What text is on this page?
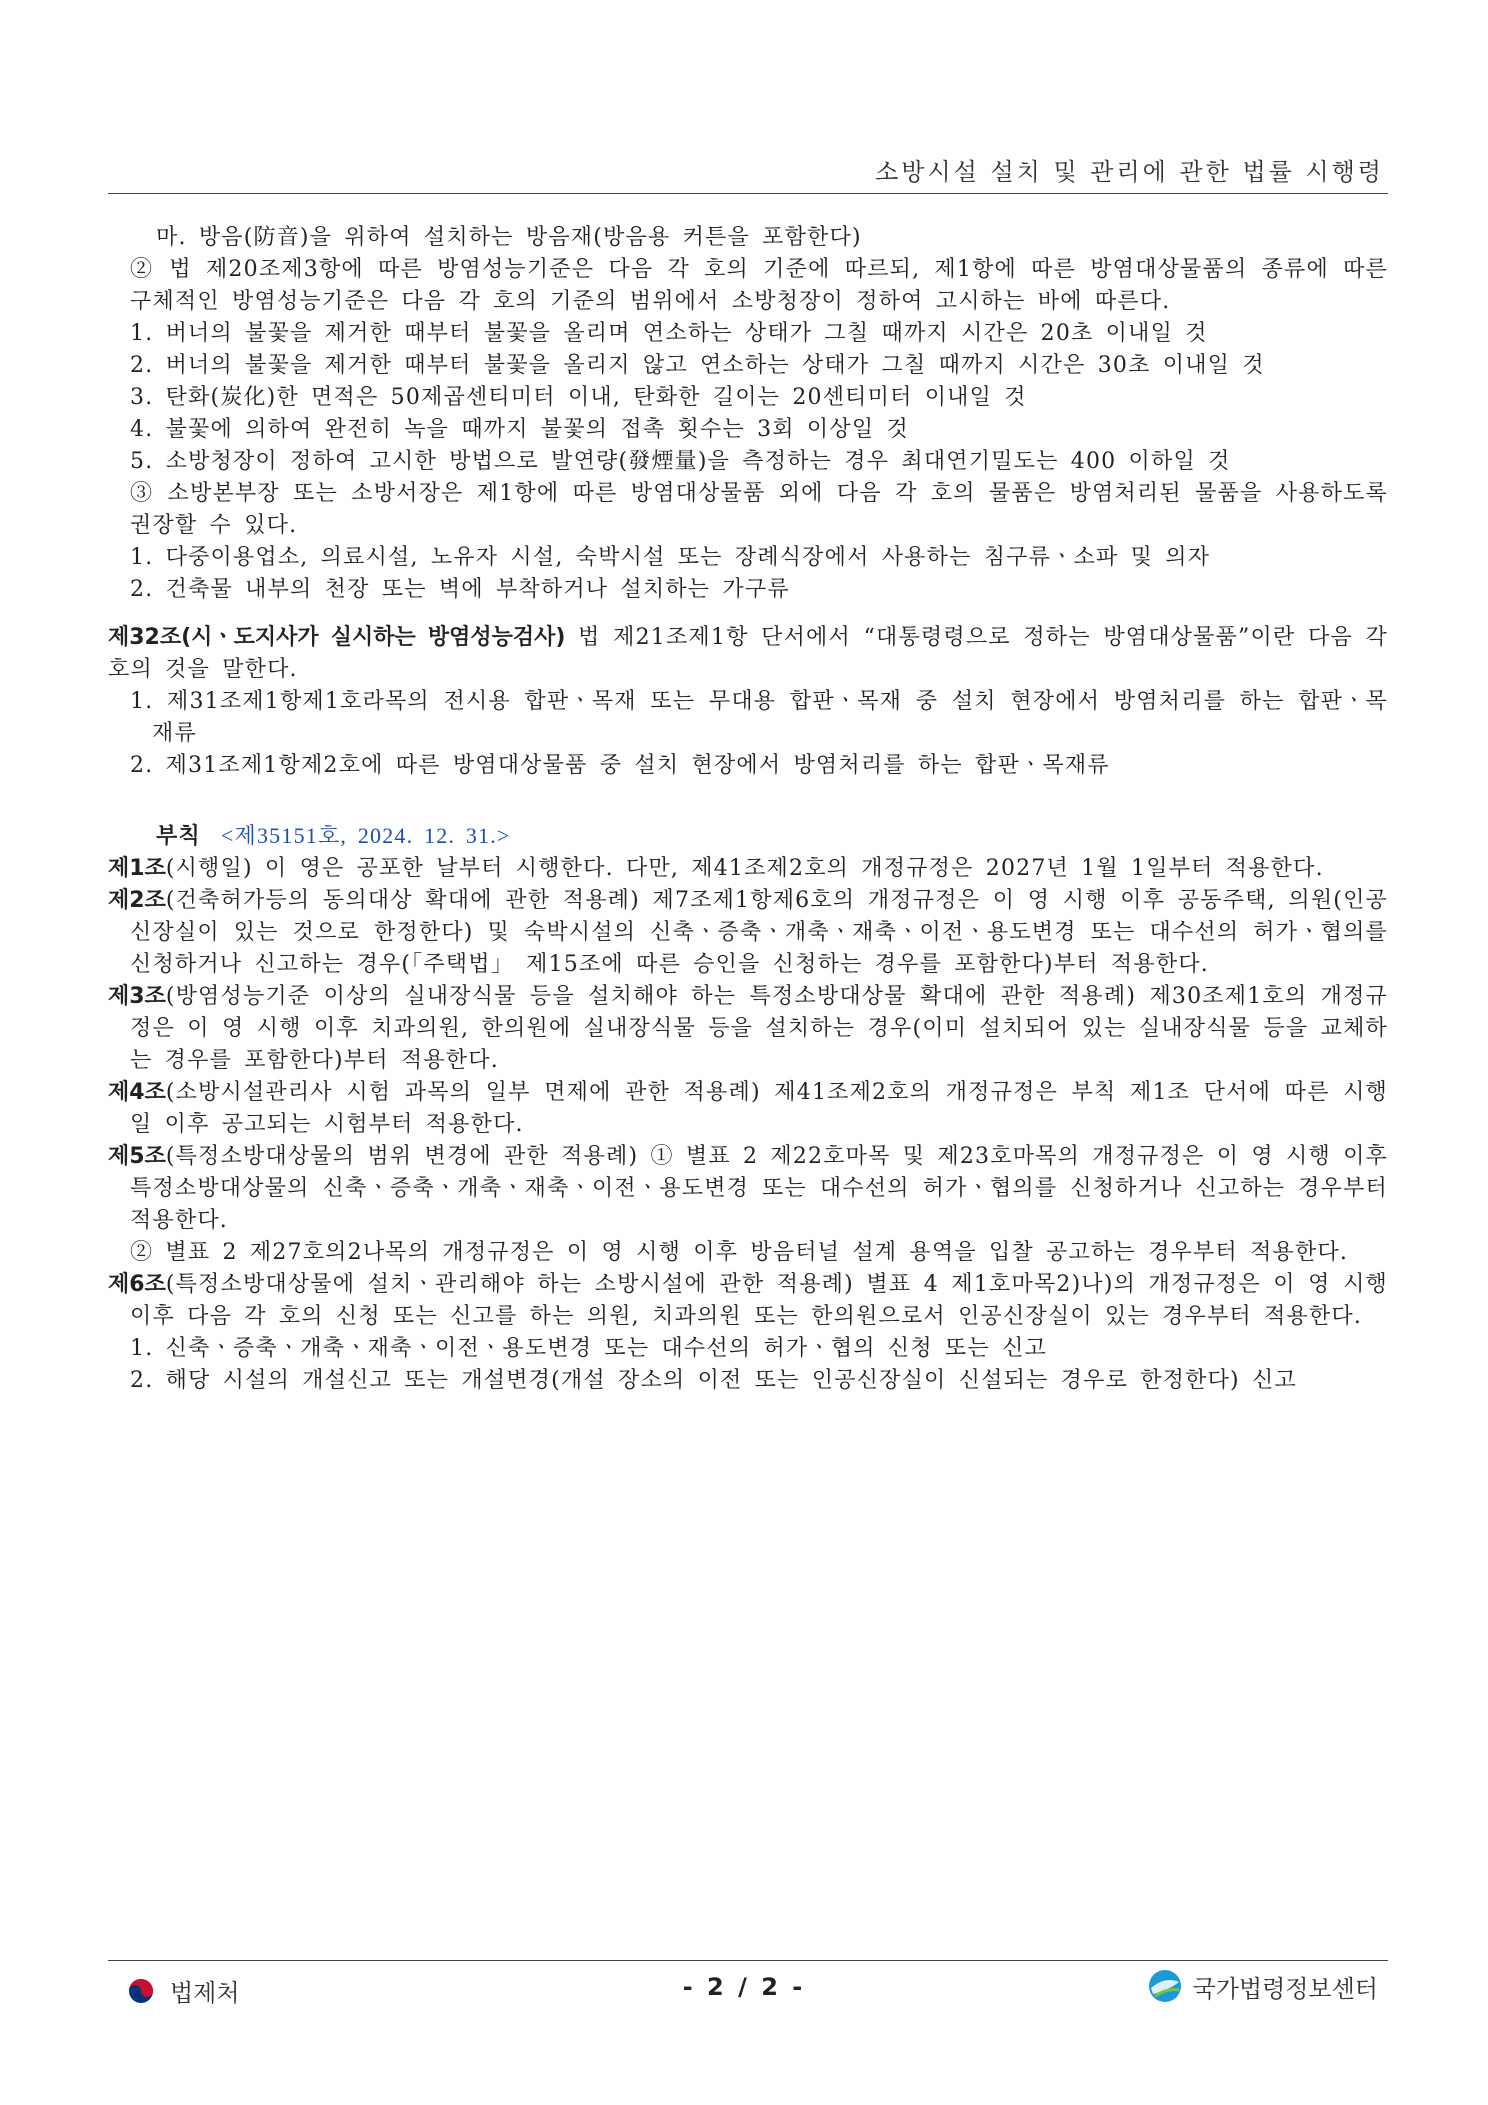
소방시설 설치 및 관리에 관한 법률 시행령

마. 방음(防音)을 위하여 설치하는 방음재(방음용 커튼을 포함한다)

② 법 제20조제3항에 따른 방염성능기준은 다음 각 호의 기준에 따르되, 제1항에 따른 방염대상물품의 종류에 따른 구체적인 방염성능기준은 다음 각 호의 기준의 범위에서 소방청장이 정하여 고시하는 바에 따른다.

1. 버너의 불꽃을 제거한 때부터 불꽃을 올리며 연소하는 상태가 그칠 때까지 시간은 20초 이내일 것

2. 버너의 불꽃을 제거한 때부터 불꽃을 올리지 않고 연소하는 상태가 그칠 때까지 시간은 30초 이내일 것

3. 탄화(炭化)한 면적은 50제곱센티미터 이내, 탄화한 길이는 20센티미터 이내일 것

4. 불꽃에 의하여 완전히 녹을 때까지 불꽃의 접촉 횟수는 3회 이상일 것

5. 소방청장이 정하여 고시한 방법으로 발연량(發煙量)을 측정하는 경우 최대연기밀도는 400 이하일 것

③ 소방본부장 또는 소방서장은 제1항에 따른 방염대상물품 외에 다음 각 호의 물품은 방염처리된 물품을 사용하도록 권장할 수 있다.

1. 다중이용업소, 의료시설, 노유자 시설, 숙박시설 또는 장례식장에서 사용하는 침구류ㆍ소파 및 의자

2. 건축물 내부의 천장 또는 벽에 부착하거나 설치하는 가구류

제32조(시ㆍ도지사가 실시하는 방염성능검사) 법 제21조제1항 단서에서 “대통령령으로 정하는 방염대상물품”이란 다음 각 호의 것을 말한다.

1. 제31조제1항제1호라목의 전시용 합판ㆍ목재 또는 무대용 합판ㆍ목재 중 설치 현장에서 방염처리를 하는 합판ㆍ목재류

2. 제31조제1항제2호에 따른 방염대상물품 중 설치 현장에서 방염처리를 하는 합판ㆍ목재류

부칙 <제35151호, 2024. 12. 31.>

제1조(시행일) 이 영은 공포한 날부터 시행한다. 다만, 제41조제2호의 개정규정은 2027년 1월 1일부터 적용한다.

제2조(건축허가등의 동의대상 확대에 관한 적용례) 제7조제1항제6호의 개정규정은 이 영 시행 이후 공동주택, 의원(인공신장실이 있는 것으로 한정한다) 및 숙박시설의 신축ㆍ증축ㆍ개축ㆍ재축ㆍ이전ㆍ용도변경 또는 대수선의 허가ㆍ협의를 신청하거나 신고하는 경우(「주택법」 제15조에 따른 승인을 신청하는 경우를 포함한다)부터 적용한다.

제3조(방염성능기준 이상의 실내장식물 등을 설치해야 하는 특정소방대상물 확대에 관한 적용례) 제30조제1호의 개정규정은 이 영 시행 이후 치과의원, 한의원에 실내장식물 등을 설치하는 경우(이미 설치되어 있는 실내장식물 등을 교체하는 경우를 포함한다)부터 적용한다.

제4조(소방시설관리사 시험 과목의 일부 면제에 관한 적용례) 제41조제2호의 개정규정은 부칙 제1조 단서에 따른 시행일 이후 공고되는 시험부터 적용한다.

제5조(특정소방대상물의 범위 변경에 관한 적용례) ① 별표 2 제22호마목 및 제23호마목의 개정규정은 이 영 시행 이후 특정소방대상물의 신축ㆍ증축ㆍ개축ㆍ재축ㆍ이전ㆍ용도변경 또는 대수선의 허가ㆍ협의를 신청하거나 신고하는 경우부터 적용한다.

② 별표 2 제27호의2나목의 개정규정은 이 영 시행 이후 방음터널 설계 용역을 입찰 공고하는 경우부터 적용한다.

제6조(특정소방대상물에 설치ㆍ관리해야 하는 소방시설에 관한 적용례) 별표 4 제1호마목2)나)의 개정규정은 이 영 시행 이후 다음 각 호의 신청 또는 신고를 하는 의원, 치과의원 또는 한의원으로서 인공신장실이 있는 경우부터 적용한다.

1. 신축ㆍ증축ㆍ개축ㆍ재축ㆍ이전ㆍ용도변경 또는 대수선의 허가ㆍ협의 신청 또는 신고

2. 해당 시설의 개설신고 또는 개설변경(개설 장소의 이전 또는 인공신장실이 신설되는 경우로 한정한다) 신고

법제처	- 2 / 2 -	국가법령정보센터
